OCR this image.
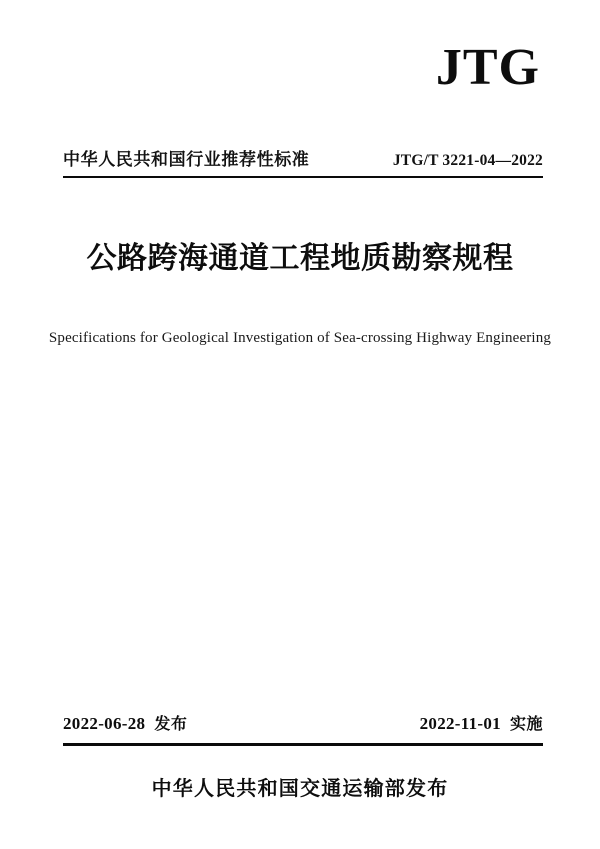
JTG
中华人民共和国行业推荐性标准	JTG/T 3221-04—2022
公路跨海通道工程地质勘察规程
Specifications for Geological Investigation of Sea-crossing Highway Engineering
2022-06-28 发布	2022-11-01 实施
中华人民共和国交通运输部发布
